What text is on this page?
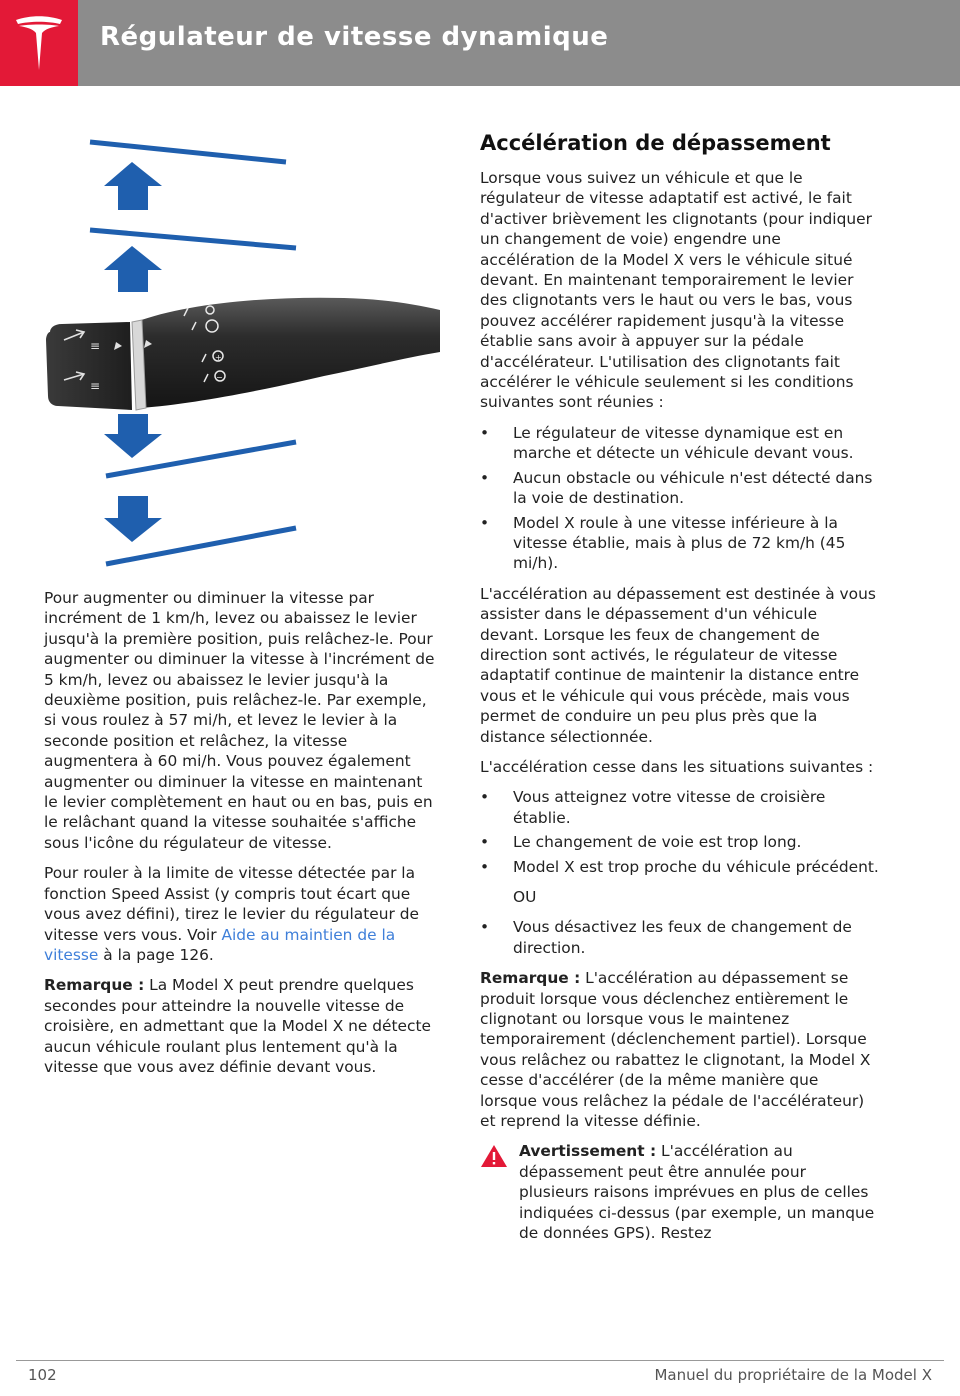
Régulateur de vitesse dynamique
≡
≡
+
−

Pour augmenter ou diminuer la vitesse par incrément de 1 km/h, levez ou abaissez le levier jusqu'à la première position, puis relâchez-le. Pour augmenter ou diminuer la vitesse à l'incrément de 5 km/h, levez ou abaissez le levier jusqu'à la deuxième position, puis relâchez-le. Par exemple, si vous roulez à 57 mi/h, et levez le levier à la seconde position et relâchez, la vitesse augmentera à 60 mi/h. Vous pouvez également augmenter ou diminuer la vitesse en maintenant le levier complètement en haut ou en bas, puis en le relâchant quand la vitesse souhaitée s'affiche sous l'icône du régulateur de vitesse.

Pour rouler à la limite de vitesse détectée par la fonction Speed Assist (y compris tout écart que vous avez défini), tirez le levier du régulateur de vitesse vers vous. Voir Aide au maintien de la vitesse à la page 126.

Remarque : La Model X peut prendre quelques secondes pour atteindre la nouvelle vitesse de croisière, en admettant que la Model X ne détecte aucun véhicule roulant plus lentement qu'à la vitesse que vous avez définie devant vous.

Accélération de dépassement

Lorsque vous suivez un véhicule et que le régulateur de vitesse adaptatif est activé, le fait d'activer brièvement les clignotants (pour indiquer un changement de voie) engendre une accélération de la Model X vers le véhicule situé devant. En maintenant temporairement le levier des clignotants vers le haut ou vers le bas, vous pouvez accélérer rapidement jusqu'à la vitesse établie sans avoir à appuyer sur la pédale d'accélérateur. L'utilisation des clignotants fait accélérer le véhicule seulement si les conditions suivantes sont réunies :

• Le régulateur de vitesse dynamique est en marche et détecte un véhicule devant vous.
• Aucun obstacle ou véhicule n'est détecté dans la voie de destination.
• Model X roule à une vitesse inférieure à la vitesse établie, mais à plus de 72 km/h (45 mi/h).

L'accélération au dépassement est destinée à vous assister dans le dépassement d'un véhicule devant. Lorsque les feux de changement de direction sont activés, le régulateur de vitesse adaptatif continue de maintenir la distance entre vous et le véhicule qui vous précède, mais vous permet de conduire un peu plus près que la distance sélectionnée.

L'accélération cesse dans les situations suivantes :

• Vous atteignez votre vitesse de croisière établie.
• Le changement de voie est trop long.
• Model X est trop proche du véhicule précédent.

OU

• Vous désactivez les feux de changement de direction.

Remarque : L'accélération au dépassement se produit lorsque vous déclenchez entièrement le clignotant ou lorsque vous le maintenez temporairement (déclenchement partiel). Lorsque vous relâchez ou rabattez le clignotant, la Model X cesse d'accélérer (de la même manière que lorsque vous relâchez la pédale de l'accélérateur) et reprend la vitesse définie.

Avertissement : L'accélération au dépassement peut être annulée pour plusieurs raisons imprévues en plus de celles indiquées ci-dessus (par exemple, un manque de données GPS). Restez

102	Manuel du propriétaire de la Model X
